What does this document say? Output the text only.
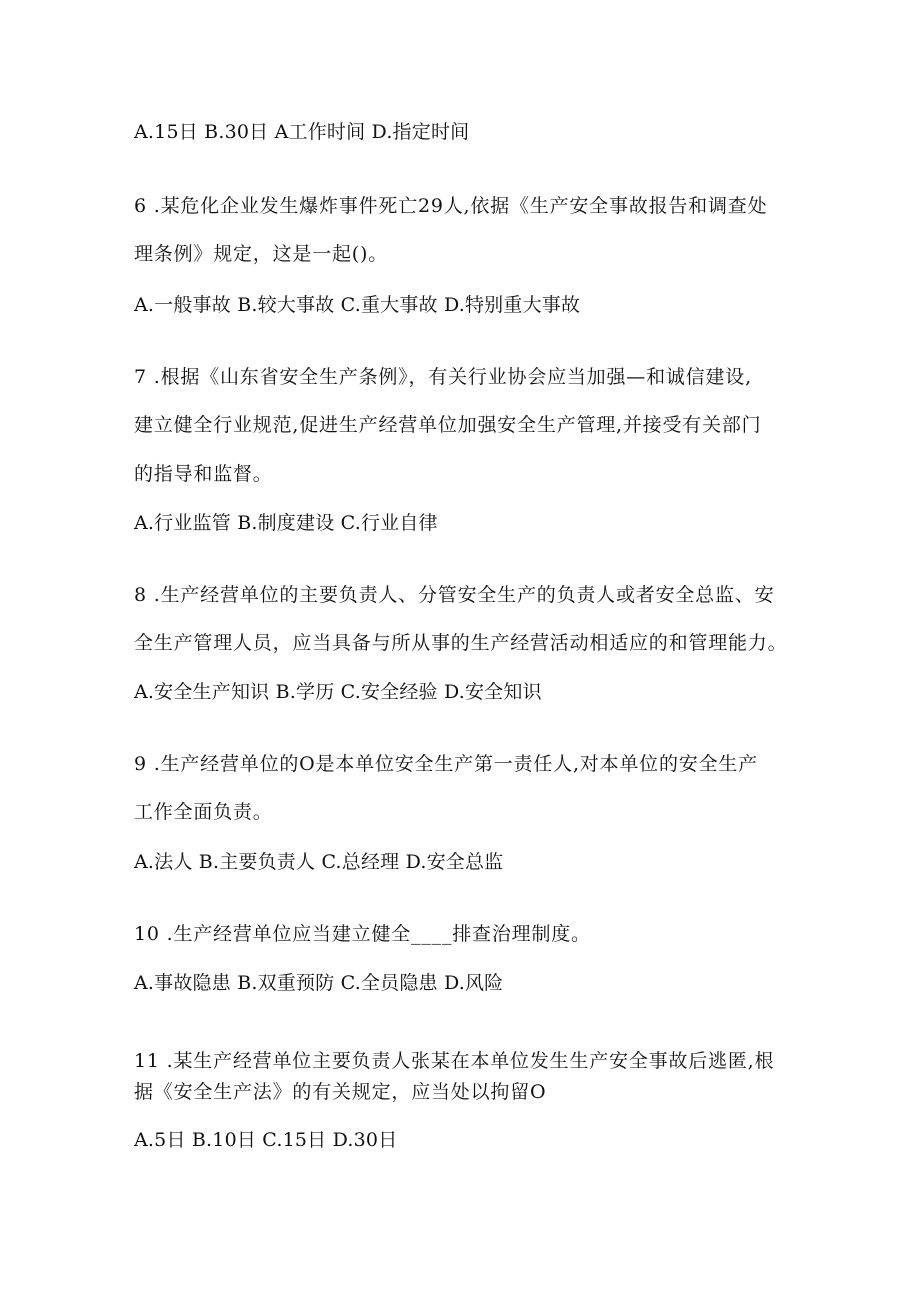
A.15日 B.30日 A工作时间 D.指定时间
6 .某危化企业发生爆炸事件死亡29人,依据《生产安全事故报告和调查处
理条例》规定，这是一起()。
A.一般事故 B.较大事故 C.重大事故 D.特别重大事故
7 .根据《山东省安全生产条例》，有关行业协会应当加强—和诚信建设,
建立健全行业规范,促进生产经营单位加强安全生产管理,并接受有关部门
的指导和监督。
A.行业监管 B.制度建设 C.行业自律
8 .生产经营单位的主要负责人、分管安全生产的负责人或者安全总监、安
全生产管理人员，应当具备与所从事的生产经营活动相适应的和管理能力。
A.安全生产知识 B.学历 C.安全经验 D.安全知识
9 .生产经营单位的O是本单位安全生产第一责任人,对本单位的安全生产
工作全面负责。
A.法人 B.主要负责人 C.总经理 D.安全总监
10 .生产经营单位应当建立健全____排查治理制度。
A.事故隐患 B.双重预防 C.全员隐患 D.风险
11 .某生产经营单位主要负责人张某在本单位发生生产安全事故后逃匿,根
据《安全生产法》的有关规定，应当处以拘留O
A.5日 B.10日 C.15日 D.30日
